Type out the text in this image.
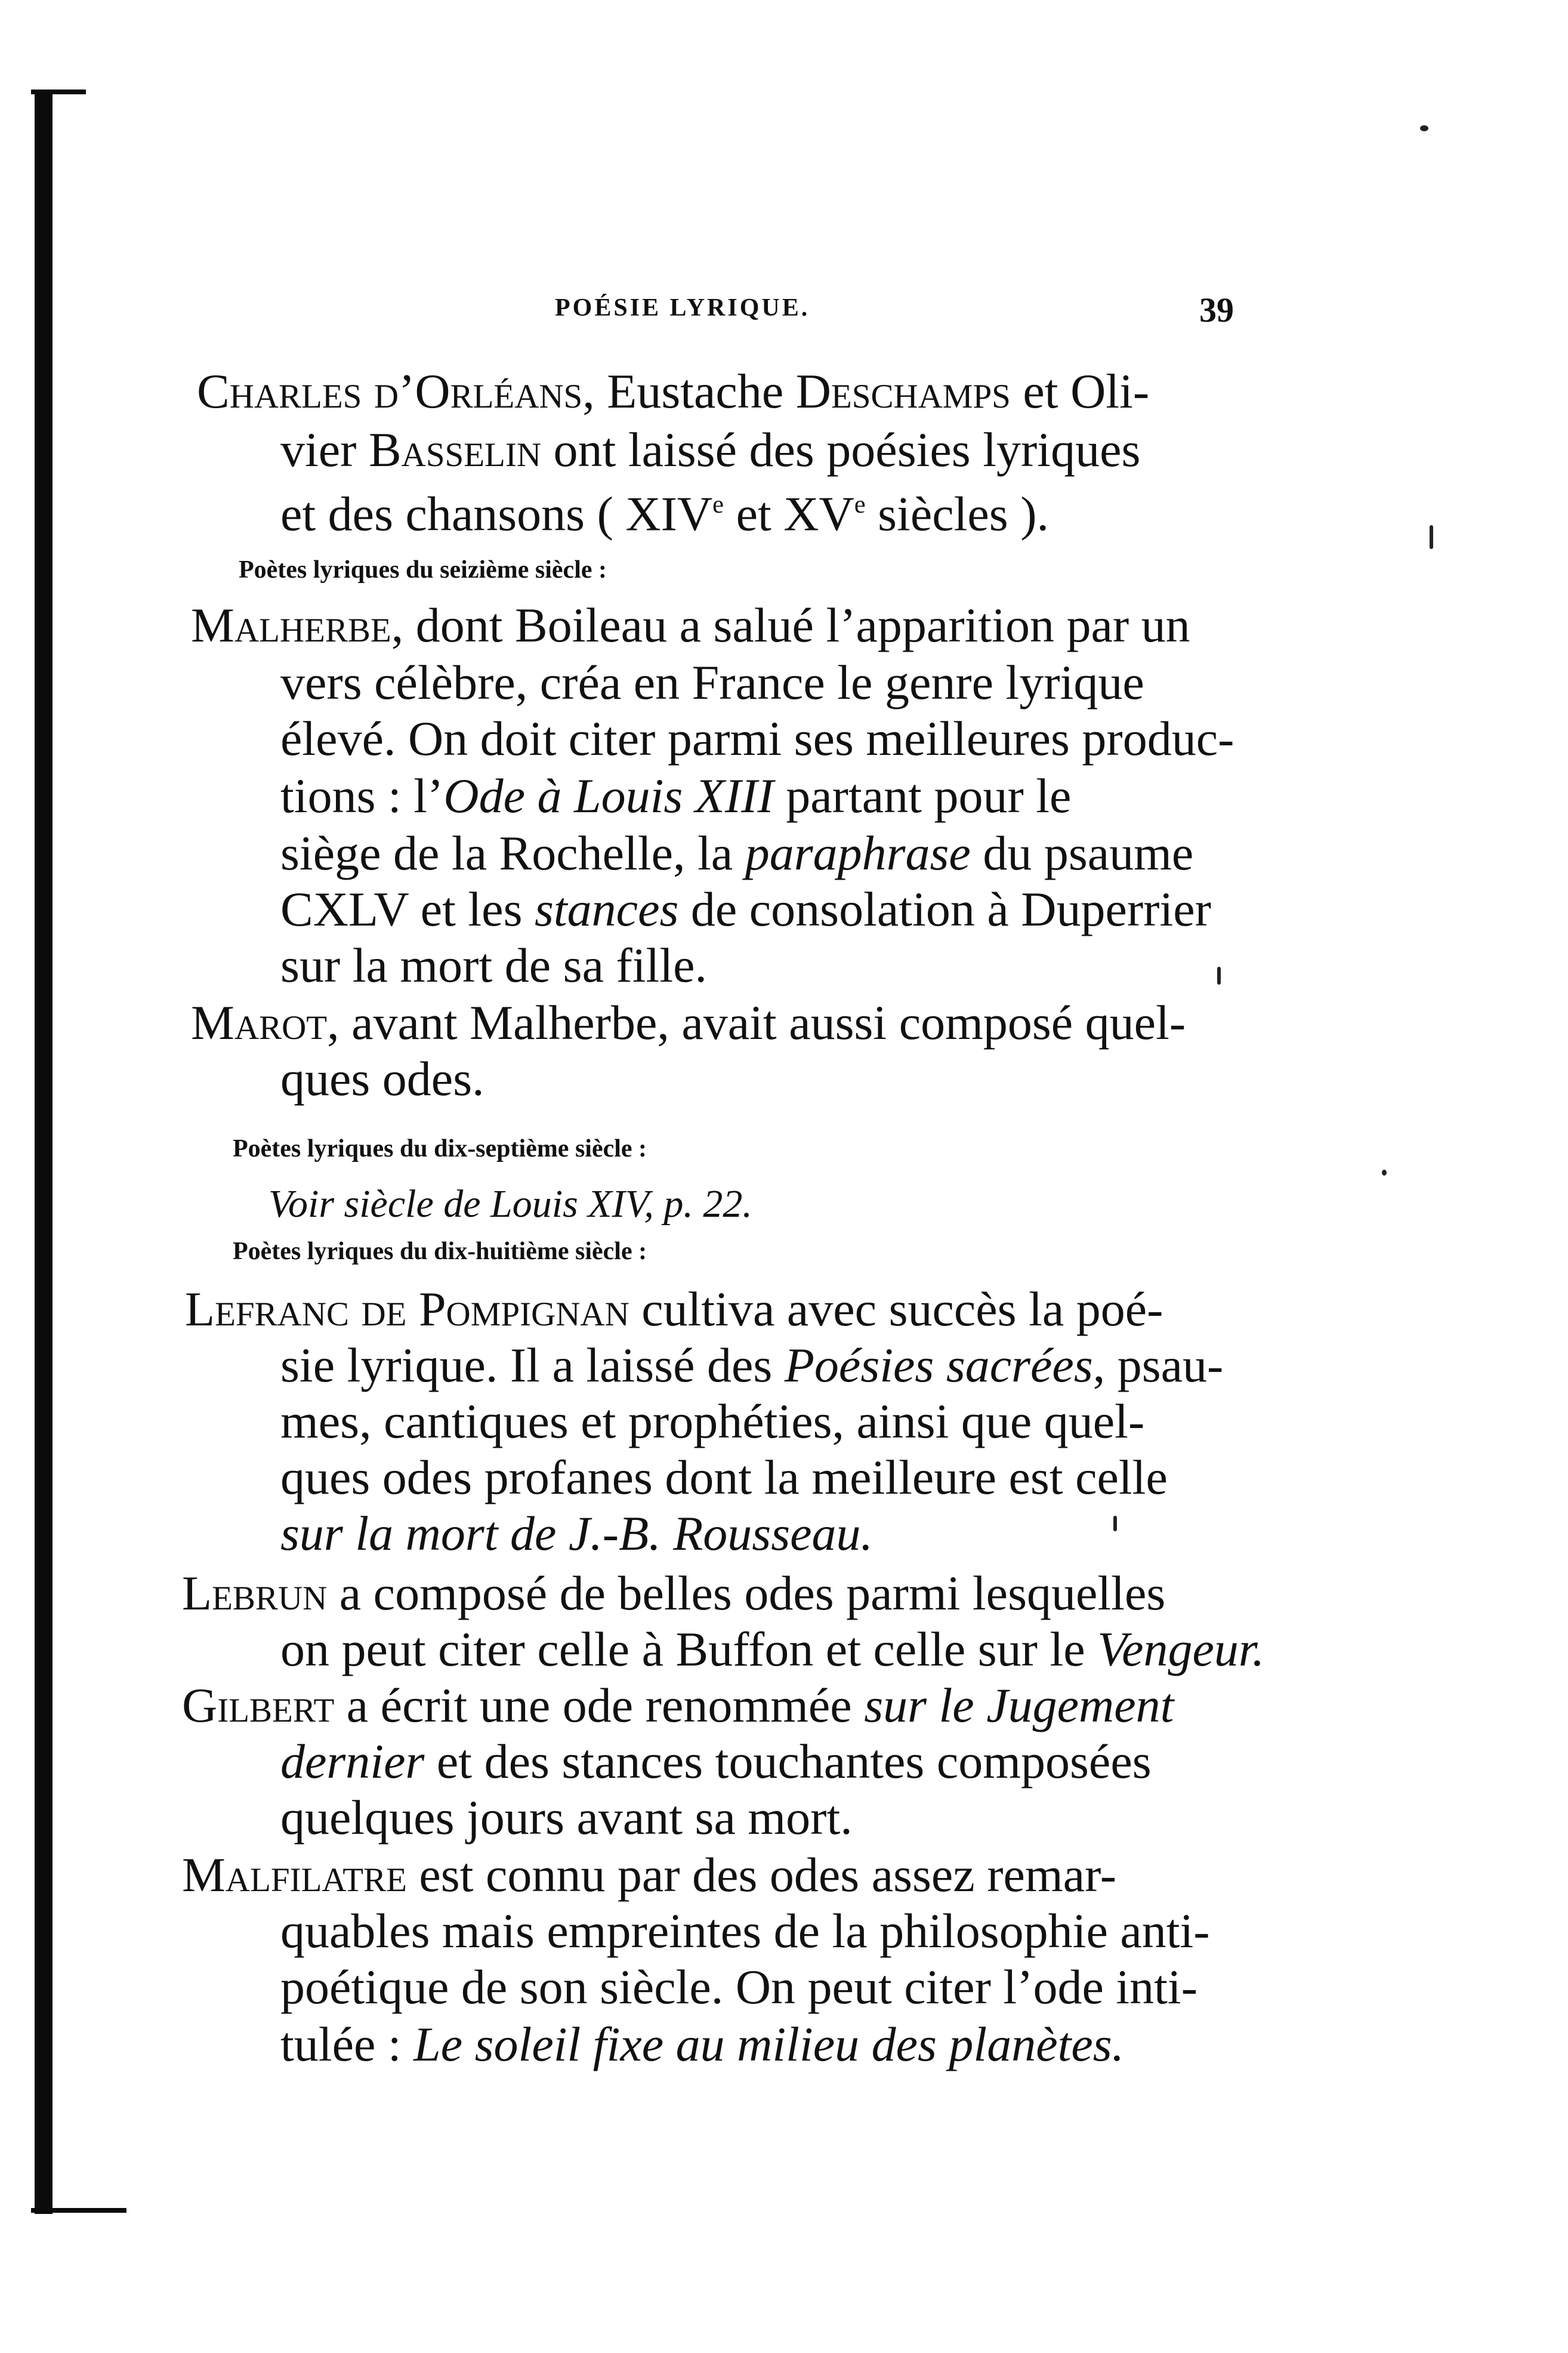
POÉSIE LYRIQUE.	39
Charles d’Orléans, Eustache Deschamps et Oli-
vier Basselin ont laissé des poésies lyriques
et des chansons ( XIVe et XVe siècles ).
Poètes lyriques du seizième siècle :
Malherbe, dont Boileau a salué l’apparition par un
vers célèbre, créa en France le genre lyrique
élevé. On doit citer parmi ses meilleures produc-
tions : l’Ode à Louis XIII partant pour le
siège de la Rochelle, la paraphrase du psaume
CXLV et les stances de consolation à Duperrier
sur la mort de sa fille.
Marot, avant Malherbe, avait aussi composé quel-
ques odes.
Poètes lyriques du dix-septième siècle :
Voir siècle de Louis XIV, p. 22.
Poètes lyriques du dix-huitième siècle :
Lefranc de Pompignan cultiva avec succès la poé-
sie lyrique. Il a laissé des Poésies sacrées, psau-
mes, cantiques et prophéties, ainsi que quel-
ques odes profanes dont la meilleure est celle
sur la mort de J.-B. Rousseau.
Lebrun a composé de belles odes parmi lesquelles
on peut citer celle à Buffon et celle sur le Vengeur.
Gilbert a écrit une ode renommée sur le Jugement
dernier et des stances touchantes composées
quelques jours avant sa mort.
Malfilatre est connu par des odes assez remar-
quables mais empreintes de la philosophie anti-
poétique de son siècle. On peut citer l’ode inti-
tulée : Le soleil fixe au milieu des planètes.
